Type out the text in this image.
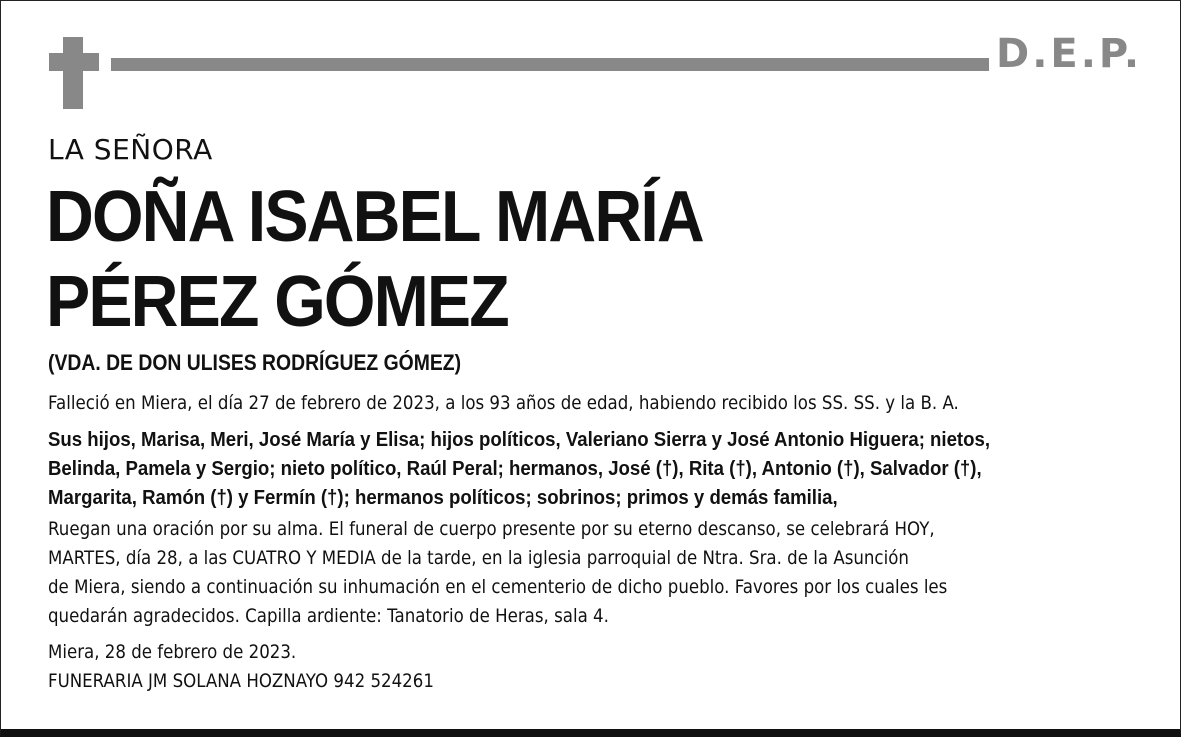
D.E.P.
LA SEÑORA
DOÑA ISABEL MARÍA
PÉREZ GÓMEZ
(VDA. DE DON ULISES RODRÍGUEZ GÓMEZ)
Falleció en Miera, el día 27 de febrero de 2023, a los 93 años de edad, habiendo recibido los SS. SS. y la B. A.
Sus hijos, Marisa, Meri, José María y Elisa; hijos políticos, Valeriano Sierra y José Antonio Higuera; nietos,
Belinda, Pamela y Sergio; nieto político, Raúl Peral; hermanos, José (†), Rita (†), Antonio (†), Salvador (†),
Margarita, Ramón (†) y Fermín (†); hermanos políticos; sobrinos; primos y demás familia,
Ruegan una oración por su alma. El funeral de cuerpo presente por su eterno descanso, se celebrará HOY,
MARTES, día 28, a las CUATRO Y MEDIA de la tarde, en la iglesia parroquial de Ntra. Sra. de la Asunción
de Miera, siendo a continuación su inhumación en el cementerio de dicho pueblo. Favores por los cuales les
quedarán agradecidos. Capilla ardiente: Tanatorio de Heras, sala 4.
Miera, 28 de febrero de 2023.
FUNERARIA JM SOLANA HOZNAYO 942 524261
